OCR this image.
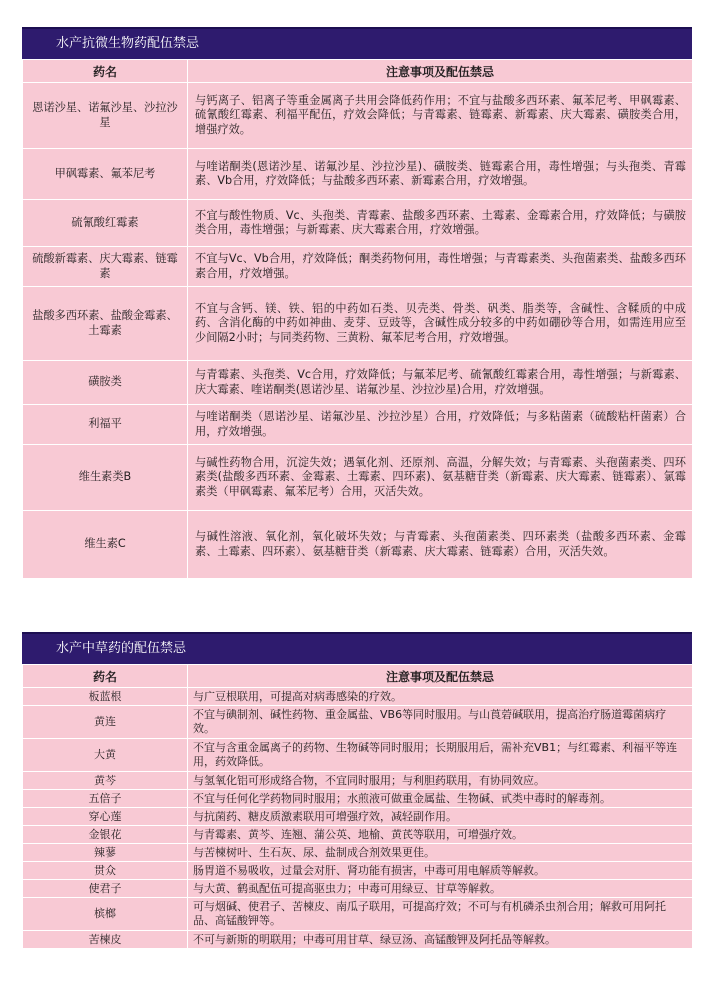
水产抗微生物药配伍禁忌
药名	注意事项及配伍禁忌
恩诺沙星、诺氟沙星、沙拉沙星	与钙离子、铝离子等重金属离子共用会降低药作用；不宜与盐酸多西环素、氟苯尼考、甲砜霉素、硫氰酸红霉素、利福平配伍，疗效会降低；与青霉素、链霉素、新霉素、庆大霉素、磺胺类合用，增强疗效。
甲砜霉素、氟苯尼考	与喹诺酮类(恩诺沙星、诺氟沙星、沙拉沙星)、磺胺类、链霉素合用，毒性增强；与头孢类、青霉素、Vb合用，疗效降低；与盐酸多西环素、新霉素合用，疗效增强。
硫氰酸红霉素	不宜与酸性物质、Vc、头孢类、青霉素、盐酸多西环素、土霉素、金霉素合用，疗效降低；与磺胺类合用，毒性增强；与新霉素、庆大霉素合用，疗效增强。
硫酸新霉素、庆大霉素、链霉素	不宜与Vc、Vb合用，疗效降低；酮类药物何用，毒性增强；与青霉素类、头孢菌素类、盐酸多西环素合用，疗效增强。
盐酸多西环素、盐酸金霉素、土霉素	不宜与含钙、镁、铁、铝的中药如石类、贝壳类、骨类、矾类、脂类等，含碱性、含鞣质的中成药、含消化酶的中药如神曲、麦芽、豆豉等，含碱性成分较多的中药如硼砂等合用，如需连用应至少间隔2小时；与同类药物、三黄粉、氟苯尼考合用，疗效增强。
磺胺类	与青霉素、头孢类、Vc合用，疗效降低；与氟苯尼考、硫氰酸红霉素合用，毒性增强；与新霉素、庆大霉素、喹诺酮类(恩诺沙星、诺氟沙星、沙拉沙星)合用，疗效增强。
利福平	与喹诺酮类（恩诺沙星、诺氟沙星、沙拉沙星）合用，疗效降低；与多粘菌素（硫酸粘杆菌素）合用，疗效增强。
维生素类B	与碱性药物合用，沉淀失效；遇氧化剂、还原剂、高温，分解失效；与青霉素、头孢菌素类、四环素类(盐酸多西环素、金霉素、土霉素、四环素)、氨基糖苷类（新霉素、庆大霉素、链霉素）、氯霉素类（甲砜霉素、氟苯尼考）合用，灭活失效。
维生素C	与碱性溶液、氧化剂，氧化破坏失效；与青霉素、头孢菌素类、四环素类（盐酸多西环素、金霉素、土霉素、四环素）、氨基糖苷类（新霉素、庆大霉素、链霉素）合用，灭活失效。
水产中草药的配伍禁忌
药名	注意事项及配伍禁忌
板蓝根	与广豆根联用，可提高对病毒感染的疗效。
黄连	不宜与碘制剂、碱性药物、重金属盐、VB6等同时服用。与山莨菪碱联用，提高治疗肠道霉菌病疗效。
大黄	不宜与含重金属离子的药物、生物碱等同时服用；长期服用后，需补充VB1；与红霉素、利福平等连用，药效降低。
黄芩	与氢氧化铝可形成络合物，不宜同时服用；与利胆药联用，有协同效应。
五倍子	不宜与任何化学药物同时服用；水煎液可做重金属盐、生物碱、甙类中毒时的解毒剂。
穿心莲	与抗菌药、糖皮质激素联用可增强疗效，减轻副作用。
金银花	与青霉素、黄芩、连翘、蒲公英、地榆、黄芪等联用，可增强疗效。
辣蓼	与苦楝树叶、生石灰、尿、盐制成合剂效果更佳。
贯众	肠胃道不易吸收，过量会对肝、肾功能有损害，中毒可用电解质等解救。
使君子	与大黄、鹤虱配伍可提高驱虫力；中毒可用绿豆、甘草等解救。
槟榔	可与烟碱、使君子、苦楝皮、南瓜子联用，可提高疗效；不可与有机磷杀虫剂合用；解救可用阿托品、高锰酸钾等。
苦楝皮	不可与新斯的明联用；中毒可用甘草、绿豆汤、高锰酸钾及阿托品等解救。
